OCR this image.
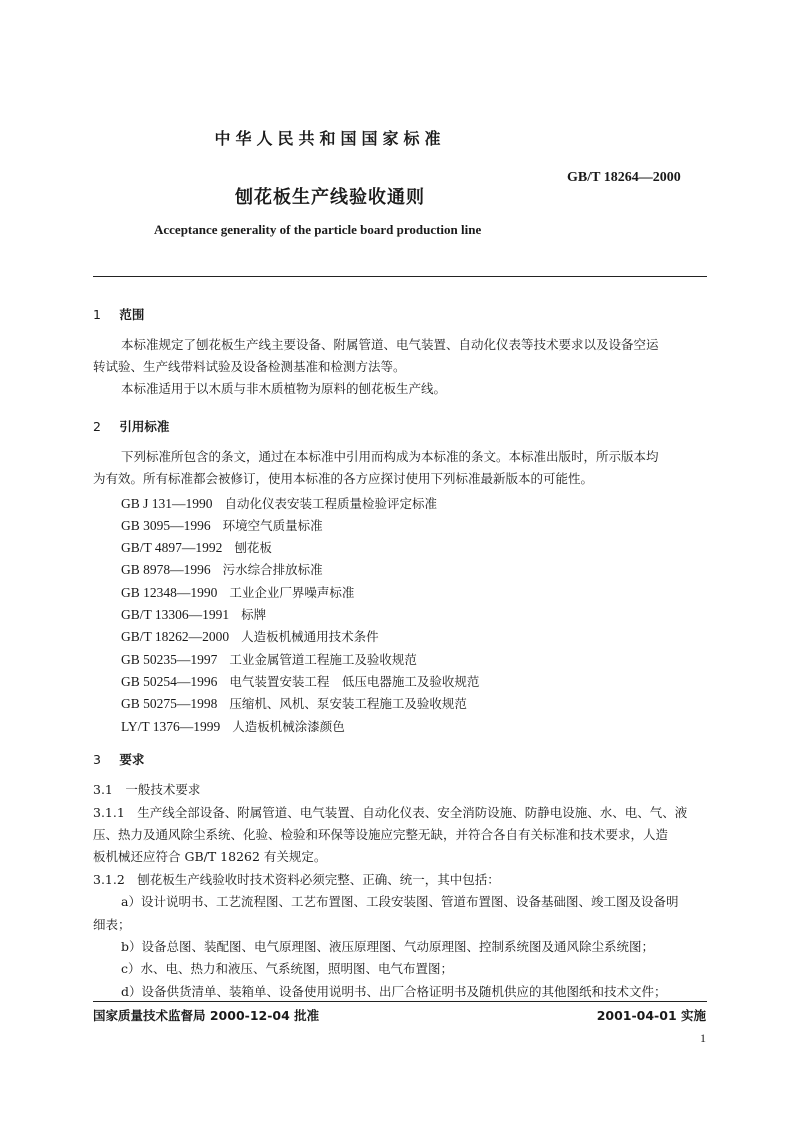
中华人民共和国国家标准
GB/T 18264—2000
刨花板生产线验收通则
Acceptance generality of the particle board production line
1 范围
本标准规定了刨花板生产线主要设备、附属管道、电气装置、自动化仪表等技术要求以及设备空运
转试验、生产线带料试验及设备检测基准和检测方法等。
本标准适用于以木质与非木质植物为原料的刨花板生产线。
2 引用标准
下列标准所包含的条文，通过在本标准中引用而构成为本标准的条文。本标准出版时，所示版本均
为有效。所有标准都会被修订，使用本标准的各方应探讨使用下列标准最新版本的可能性。
GB J 131—1990 自动化仪表安装工程质量检验评定标准
GB 3095—1996 环境空气质量标准
GB/T 4897—1992 刨花板
GB 8978—1996 污水综合排放标准
GB 12348—1990 工业企业厂界噪声标准
GB/T 13306—1991 标牌
GB/T 18262—2000 人造板机械通用技术条件
GB 50235—1997 工业金属管道工程施工及验收规范
GB 50254—1996 电气装置安装工程　低压电器施工及验收规范
GB 50275—1998 压缩机、风机、泵安装工程施工及验收规范
LY/T 1376—1999 人造板机械涂漆颜色
3 要求
3.1　一般技术要求
3.1.1　生产线全部设备、附属管道、电气装置、自动化仪表、安全消防设施、防静电设施、水、电、气、液
压、热力及通风除尘系统、化验、检验和环保等设施应完整无缺，并符合各自有关标准和技术要求，人造
板机械还应符合 GB/T 18262 有关规定。
3.1.2　刨花板生产线验收时技术资料必须完整、正确、统一，其中包括：
a）设计说明书、工艺流程图、工艺布置图、工段安装图、管道布置图、设备基础图、竣工图及设备明
细表；
b）设备总图、装配图、电气原理图、液压原理图、气动原理图、控制系统图及通风除尘系统图；
c）水、电、热力和液压、气系统图，照明图、电气布置图；
d）设备供货清单、装箱单、设备使用说明书、出厂合格证明书及随机供应的其他图纸和技术文件；
国家质量技术监督局 2000-12-04 批准	2001-04-01 实施
1
